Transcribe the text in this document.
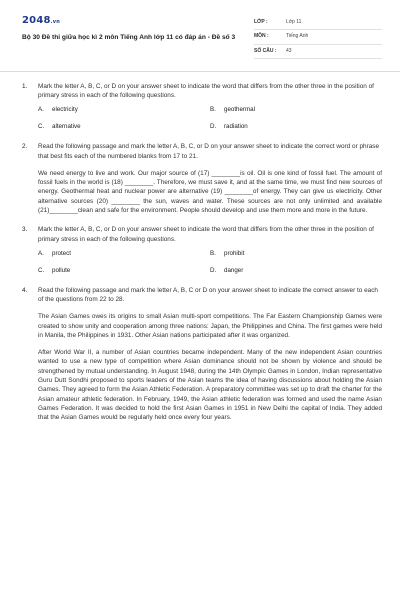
2048.vn
Bộ 30 Đề thi giữa học kì 2 môn Tiếng Anh lớp 11 có đáp án - Đề số 3
LỚP :	Lớp 11
MÔN :	Tiếng Anh
SỐ CÂU :	43
1.	Mark the letter A, B, C, or D on your answer sheet to indicate the word that differs from the other three in the position of primary stress in each of the following questions.
A. electricity	B. geothermal
C. alternative	D. radiation
2.	Read the following passage and mark the letter A, B, C, or D on your answer sheet to indicate the correct word or phrase that best fits each of the numbered blanks from 17 to 21.
We need energy to live and work. Our major source of (17) ________is oil. Oil is one kind of fossil fuel. The amount of fossil fuels in the world is (18) ________. Therefore, we must save it, and at the same time, we must find new sources of energy. Geothermal heat and nuclear power are alternative (19) ________of energy. They can give us electricity. Other alternative sources (20) ________ the sun, waves and water. These sources are not only unlimited and available (21)________clean and safe for the environment. People should develop and use them more and more in the future.
3.	Mark the letter A, B, C, or D on your answer sheet to indicate the word that differs from the other three in the position of primary stress in each of the following questions.
A. protect	B. prohibit
C. pollute	D. danger
4.	Read the following passage and mark the letter A, B, C or D on your answer sheet to indicate the correct answer to each of the questions from 22 to 28.
The Asian Games owes its origins to small Asian multi-sport competitions. The Far Eastern Championship Games were created to show unity and cooperation among three nations: Japan, the Philippines and China. The first games were held in Manila, the Philippines in 1931. Other Asian nations participated after it was organized.
After World War II, a number of Asian countries became independent. Many of the new independent Asian countries wanted to use a new type of competition where Asian dominance should not be shown by violence and should be strengthened by mutual understanding. In August 1948, during the 14th Olympic Games in London, Indian representative Guru Dutt Sondhi proposed to sports leaders of the Asian teams the idea of having discussions about holding the Asian Games. They agreed to form the Asian Athletic Federation. A preparatory committee was set up to draft the charter for the Asian amateur athletic federation. In February, 1949, the Asian athletic federation was formed and used the name Asian Games Federation. It was decided to hold the first Asian Games in 1951 in New Delhi the capital of India. They added that the Asian Games would be regularly held once every four years.
